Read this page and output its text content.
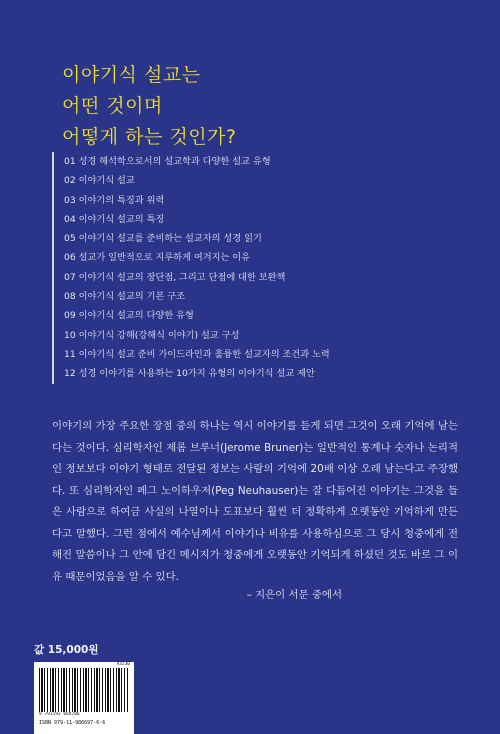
이야기식 설교는
어떤 것이며
어떻게 하는 것인가?
01 성경 해석학으로서의 설교학과 다양한 설교 유형
02 이야기식 설교
03 이야기의 특징과 위력
04 이야기식 설교의 특징
05 이야기식 설교를 준비하는 설교자의 성경 읽기
06 설교가 일반적으로 지루하게 여겨지는 이유
07 이야기식 설교의 장단점, 그리고 단점에 대한 보완책
08 이야기식 설교의 기본 구조
09 이야기식 설교의 다양한 유형
10 이야기식 강해(강해식 이야기) 설교 구성
11 이야기식 설교 준비 가이드라인과 훌륭한 설교자의 조건과 노력
12 성경 이야기를 사용하는 10가지 유형의 이야기식 설교 제안

이야기의 가장 주요한 장점 중의 하나는 역시 이야기를 듣게 되면 그것이 오래 기억에 남는다는 것이다. 심리학자인 제롬 브루너(Jerome Bruner)는 일반적인 통계나 숫자나 논리적인 정보보다 이야기 형태로 전달된 정보는 사람의 기억에 20배 이상 오래 남는다고 주장했다. 또 심리학자인 페그 노이하우저(Peg Neuhauser)는 잘 다듬어진 이야기는 그것을 들은 사람으로 하여금 사실의 나열이나 도표보다 훨씬 더 정확하게 오랫동안 기억하게 만든다고 말했다. 그런 점에서 예수님께서 이야기나 비유를 사용하심으로 그 당시 청중에게 전해진 말씀이나 그 안에 담긴 메시지가 청중에게 오랫동안 기억되게 하셨던 것도 바로 그 이유 때문이었음을 알 수 있다.

– 지은이 서문 중에서
값 15,000원
93230
9 791192 669786
ISBN 979-11-986697-6-6
